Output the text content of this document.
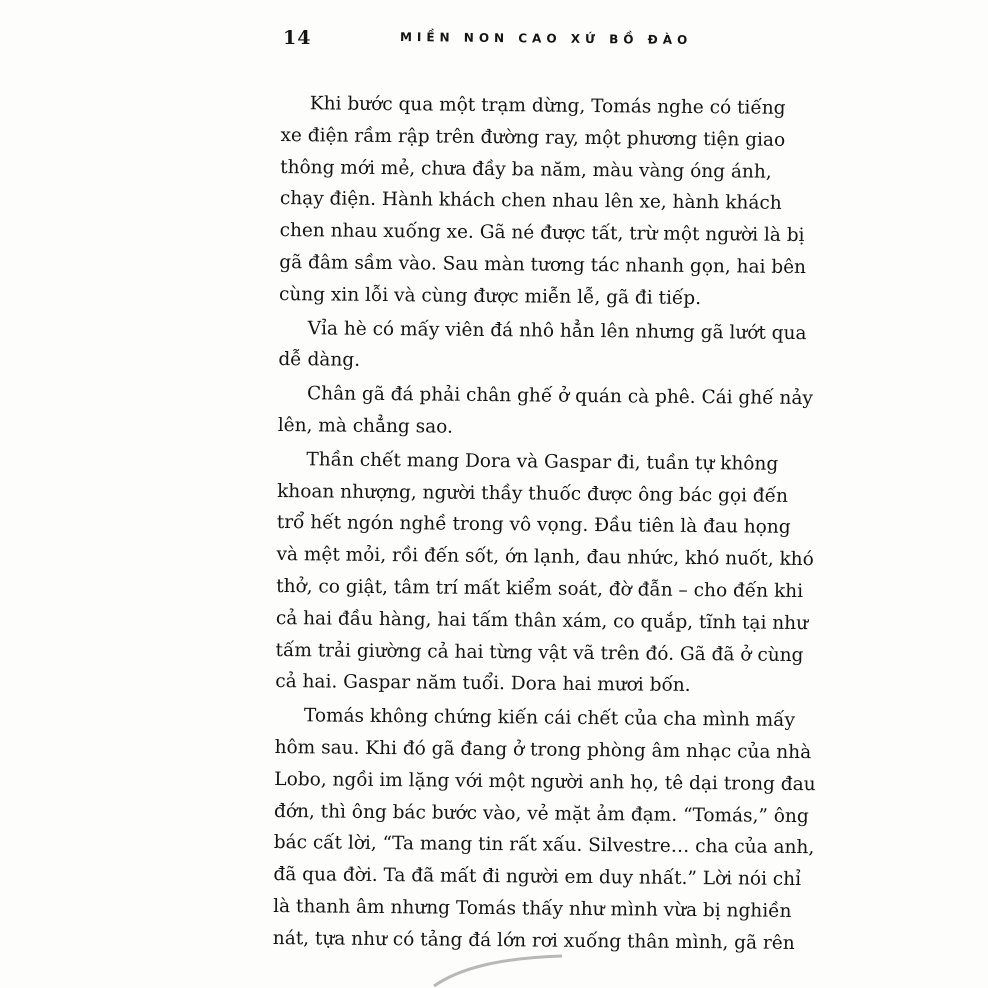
14	MIỀN NON CAO XỨ BỒ ĐÀO
Khi bước qua một trạm dừng, Tomás nghe có tiếng
xe điện rầm rập trên đường ray, một phương tiện giao
thông mới mẻ, chưa đầy ba năm, màu vàng óng ánh,
chạy điện. Hành khách chen nhau lên xe, hành khách
chen nhau xuống xe. Gã né được tất, trừ một người là bị
gã đâm sầm vào. Sau màn tương tác nhanh gọn, hai bên
cùng xin lỗi và cùng được miễn lễ, gã đi tiếp.
Vỉa hè có mấy viên đá nhô hẳn lên nhưng gã lướt qua
dễ dàng.
Chân gã đá phải chân ghế ở quán cà phê. Cái ghế nảy
lên, mà chẳng sao.
Thần chết mang Dora và Gaspar đi, tuần tự không
khoan nhượng, người thầy thuốc được ông bác gọi đến
trổ hết ngón nghề trong vô vọng. Đầu tiên là đau họng
và mệt mỏi, rồi đến sốt, ớn lạnh, đau nhức, khó nuốt, khó
thở, co giật, tâm trí mất kiểm soát, đờ đẫn – cho đến khi
cả hai đầu hàng, hai tấm thân xám, co quắp, tĩnh tại như
tấm trải giường cả hai từng vật vã trên đó. Gã đã ở cùng
cả hai. Gaspar năm tuổi. Dora hai mươi bốn.
Tomás không chứng kiến cái chết của cha mình mấy
hôm sau. Khi đó gã đang ở trong phòng âm nhạc của nhà
Lobo, ngồi im lặng với một người anh họ, tê dại trong đau
đớn, thì ông bác bước vào, vẻ mặt ảm đạm. “Tomás,” ông
bác cất lời, “Ta mang tin rất xấu. Silvestre… cha của anh,
đã qua đời. Ta đã mất đi người em duy nhất.” Lời nói chỉ
là thanh âm nhưng Tomás thấy như mình vừa bị nghiền
nát, tựa như có tảng đá lớn rơi xuống thân mình, gã rên
